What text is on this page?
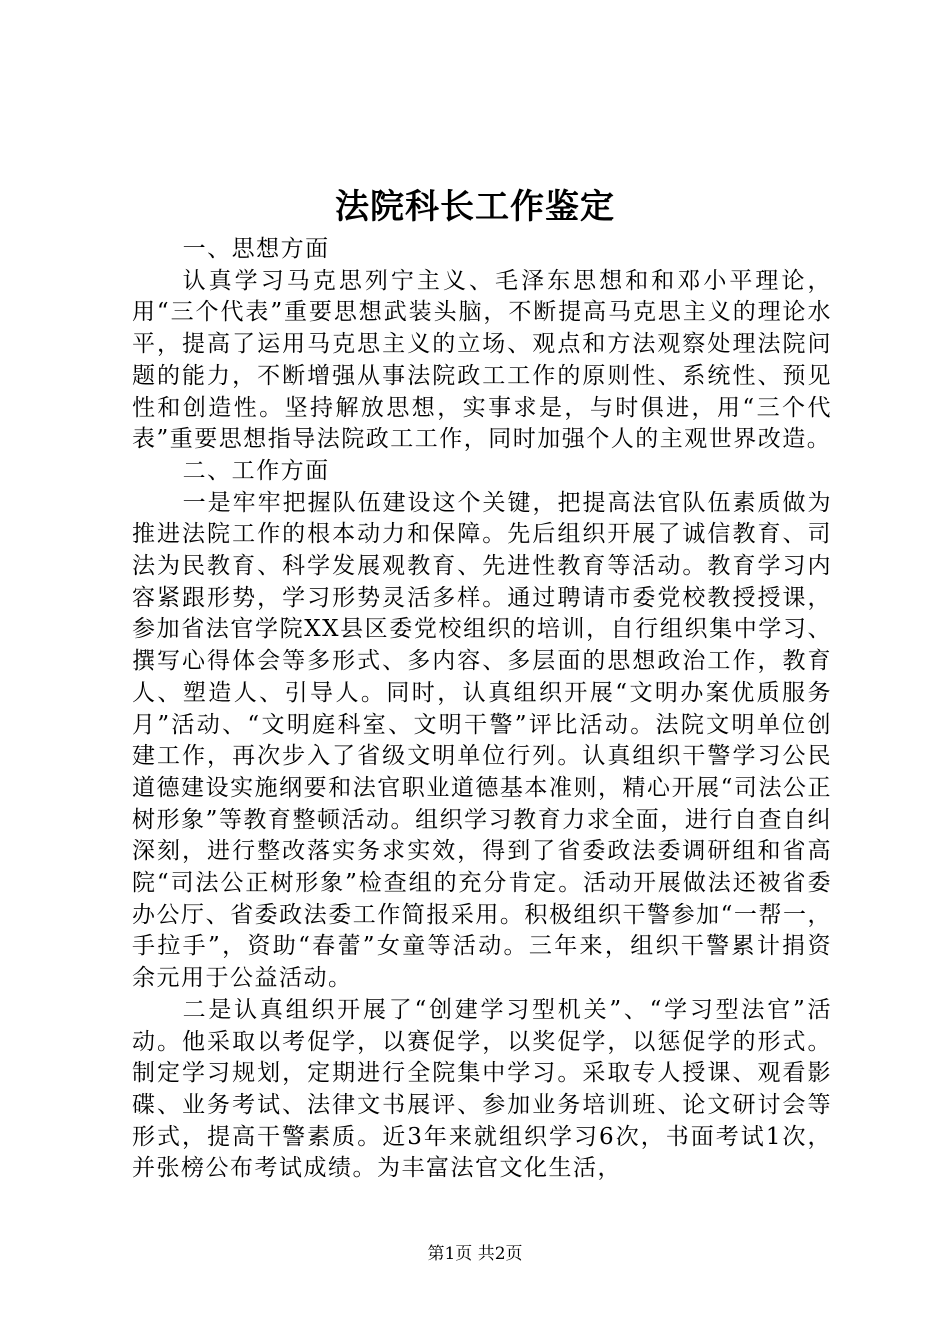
法院科长工作鉴定

一、思想方面

认真学习马克思列宁主义、毛泽东思想和和邓小平理论，用“三个代表”重要思想武装头脑，不断提高马克思主义的理论水平，提高了运用马克思主义的立场、观点和方法观察处理法院问题的能力，不断增强从事法院政工工作的原则性、系统性、预见性和创造性。坚持解放思想，实事求是，与时俱进，用“三个代表”重要思想指导法院政工工作，同时加强个人的主观世界改造。

二、工作方面

一是牢牢把握队伍建设这个关键，把提高法官队伍素质做为推进法院工作的根本动力和保障。先后组织开展了诚信教育、司法为民教育、科学发展观教育、先进性教育等活动。教育学习内容紧跟形势，学习形势灵活多样。通过聘请市委党校教授授课，参加省法官学院XX县区委党校组织的培训，自行组织集中学习、撰写心得体会等多形式、多内容、多层面的思想政治工作，教育人、塑造人、引导人。同时，认真组织开展“文明办案优质服务月”活动、“文明庭科室、文明干警”评比活动。法院文明单位创建工作，再次步入了省级文明单位行列。认真组织干警学习公民道德建设实施纲要和法官职业道德基本准则，精心开展“司法公正树形象”等教育整顿活动。组织学习教育力求全面，进行自查自纠深刻，进行整改落实务求实效，得到了省委政法委调研组和省高院“司法公正树形象”检查组的充分肯定。活动开展做法还被省委办公厅、省委政法委工作简报采用。积极组织干警参加“一帮一，手拉手”，资助“春蕾”女童等活动。三年来，组织干警累计捐资余元用于公益活动。

二是认真组织开展了“创建学习型机关”、“学习型法官”活动。他采取以考促学，以赛促学，以奖促学，以惩促学的形式。制定学习规划，定期进行全院集中学习。采取专人授课、观看影碟、业务考试、法律文书展评、参加业务培训班、论文研讨会等形式，提高干警素质。近3年来就组织学习6次，书面考试1次，并张榜公布考试成绩。为丰富法官文化生活，

第1页 共2页
